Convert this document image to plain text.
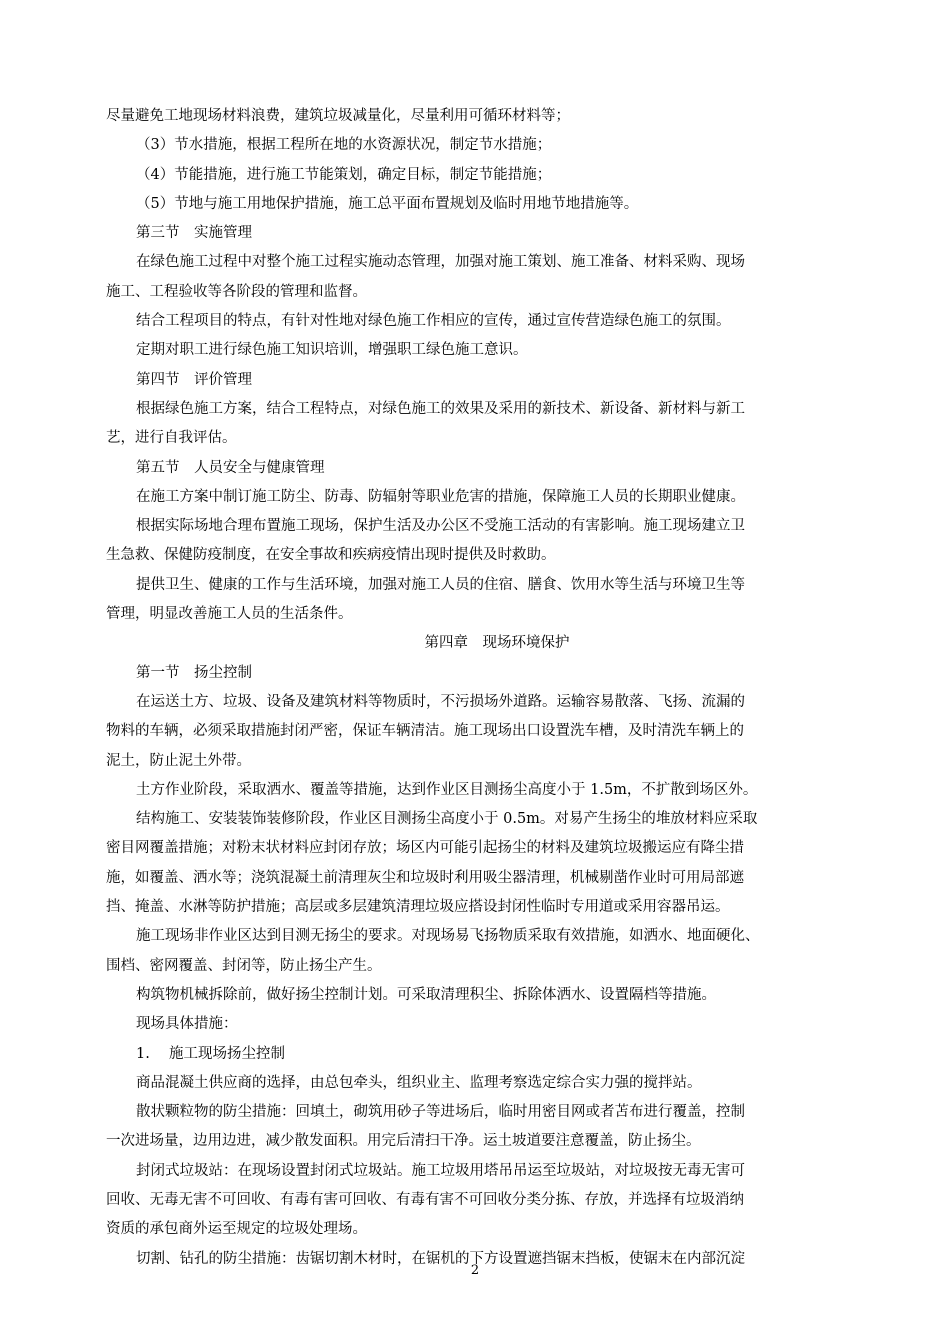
尽量避免工地现场材料浪费，建筑垃圾减量化，尽量利用可循环材料等；
（3）节水措施，根据工程所在地的水资源状况，制定节水措施；
（4）节能措施，进行施工节能策划，确定目标，制定节能措施；
（5）节地与施工用地保护措施，施工总平面布置规划及临时用地节地措施等。
第三节　实施管理
在绿色施工过程中对整个施工过程实施动态管理，加强对施工策划、施工准备、材料采购、现场
施工、工程验收等各阶段的管理和监督。
结合工程项目的特点，有针对性地对绿色施工作相应的宣传，通过宣传营造绿色施工的氛围。
定期对职工进行绿色施工知识培训，增强职工绿色施工意识。
第四节　评价管理
根据绿色施工方案，结合工程特点，对绿色施工的效果及采用的新技术、新设备、新材料与新工
艺，进行自我评估。
第五节　人员安全与健康管理
在施工方案中制订施工防尘、防毒、防辐射等职业危害的措施，保障施工人员的长期职业健康。
根据实际场地合理布置施工现场，保护生活及办公区不受施工活动的有害影响。施工现场建立卫
生急救、保健防疫制度，在安全事故和疾病疫情出现时提供及时救助。
提供卫生、健康的工作与生活环境，加强对施工人员的住宿、膳食、饮用水等生活与环境卫生等
管理，明显改善施工人员的生活条件。
第四章　现场环境保护
第一节　扬尘控制
在运送土方、垃圾、设备及建筑材料等物质时，不污损场外道路。运输容易散落、飞扬、流漏的
物料的车辆，必须采取措施封闭严密，保证车辆清洁。施工现场出口设置洗车槽，及时清洗车辆上的
泥土，防止泥土外带。
土方作业阶段，采取洒水、覆盖等措施，达到作业区目测扬尘高度小于 1.5m，不扩散到场区外。
结构施工、安装装饰装修阶段，作业区目测扬尘高度小于 0.5m。对易产生扬尘的堆放材料应采取
密目网覆盖措施；对粉末状材料应封闭存放；场区内可能引起扬尘的材料及建筑垃圾搬运应有降尘措
施，如覆盖、洒水等；浇筑混凝土前清理灰尘和垃圾时利用吸尘器清理，机械剔凿作业时可用局部遮
挡、掩盖、水淋等防护措施；高层或多层建筑清理垃圾应搭设封闭性临时专用道或采用容器吊运。
施工现场非作业区达到目测无扬尘的要求。对现场易飞扬物质采取有效措施，如洒水、地面硬化、
围档、密网覆盖、封闭等，防止扬尘产生。
构筑物机械拆除前，做好扬尘控制计划。可采取清理积尘、拆除体洒水、设置隔档等措施。
现场具体措施：
1.　 施工现场扬尘控制
商品混凝土供应商的选择，由总包牵头，组织业主、监理考察选定综合实力强的搅拌站。
散状颗粒物的防尘措施：回填土，砌筑用砂子等进场后，临时用密目网或者苫布进行覆盖，控制
一次进场量，边用边进，减少散发面积。用完后清扫干净。运土坡道要注意覆盖，防止扬尘。
封闭式垃圾站：在现场设置封闭式垃圾站。施工垃圾用塔吊吊运至垃圾站，对垃圾按无毒无害可
回收、无毒无害不可回收、有毒有害可回收、有毒有害不可回收分类分拣、存放，并选择有垃圾消纳
资质的承包商外运至规定的垃圾处理场。
切割、钻孔的防尘措施：齿锯切割木材时，在锯机的下方设置遮挡锯末挡板，使锯末在内部沉淀
2
